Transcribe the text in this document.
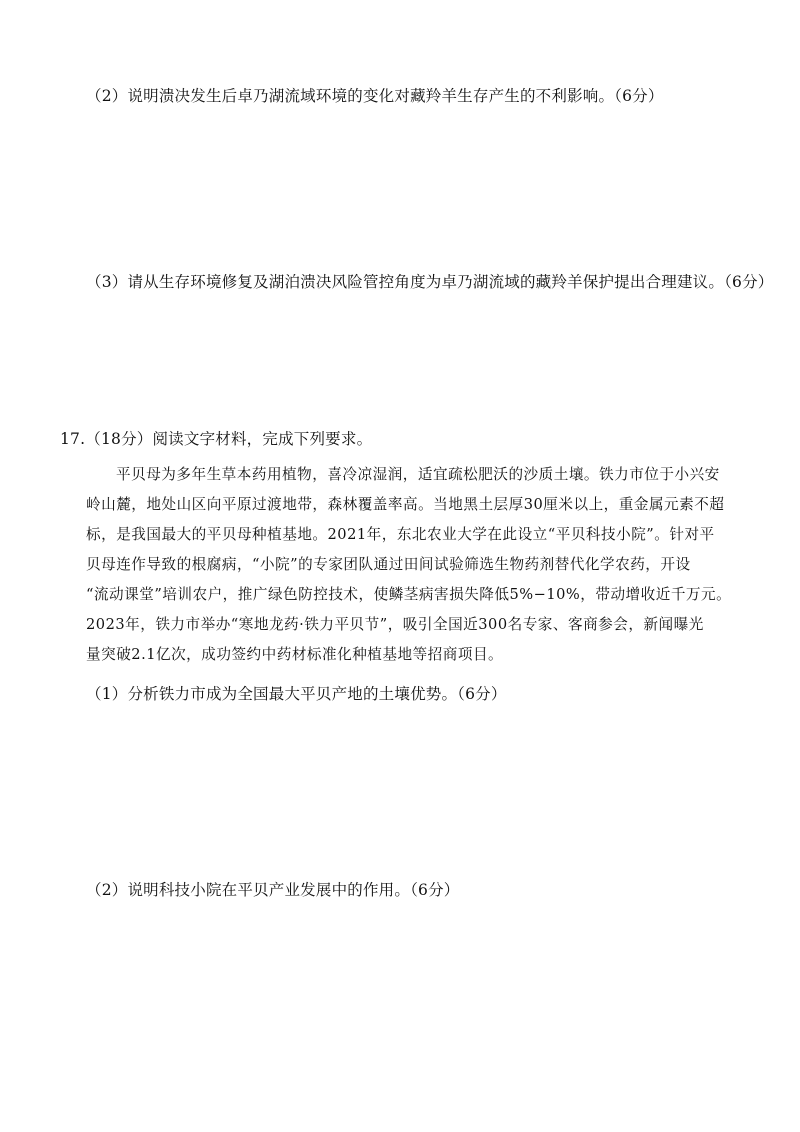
（2）说明溃决发生后卓乃湖流域环境的变化对藏羚羊生存产生的不利影响。（6分）
（3）请从生存环境修复及湖泊溃决风险管控角度为卓乃湖流域的藏羚羊保护提出合理建议。（6分）
17.（18分）阅读文字材料，完成下列要求。

平贝母为多年生草本药用植物，喜冷凉湿润，适宜疏松肥沃的沙质土壤。铁力市位于小兴安
岭山麓，地处山区向平原过渡地带，森林覆盖率高。当地黑土层厚30厘米以上，重金属元素不超
标，是我国最大的平贝母种植基地。2021年，东北农业大学在此设立“平贝科技小院”。针对平
贝母连作导致的根腐病，“小院”的专家团队通过田间试验筛选生物药剂替代化学农药，开设
“流动课堂”培训农户，推广绿色防控技术，使鳞茎病害损失降低5%−10%，带动增收近千万元。
2023年，铁力市举办“寒地龙药·铁力平贝节”，吸引全国近300名专家、客商参会，新闻曝光
量突破2.1亿次，成功签约中药材标准化种植基地等招商项目。

（1）分析铁力市成为全国最大平贝产地的土壤优势。（6分）
（2）说明科技小院在平贝产业发展中的作用。（6分）
